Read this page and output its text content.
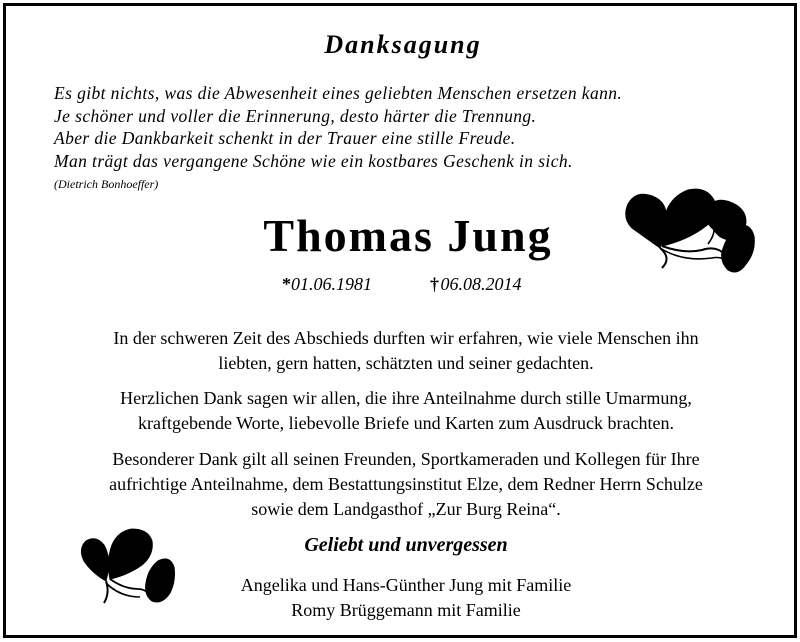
Danksagung
Es gibt nichts, was die Abwesenheit eines geliebten Menschen ersetzen kann.
Je schöner und voller die Erinnerung, desto härter die Trennung.
Aber die Dankbarkeit schenkt in der Trauer eine stille Freude.
Man trägt das vergangene Schöne wie ein kostbares Geschenk in sich.
(Dietrich Bonhoeffer)
Thomas Jung
*01.06.1981	† 06.08.2014
In der schweren Zeit des Abschieds durften wir erfahren, wie viele Menschen ihn
liebten, gern hatten, schätzten und seiner gedachten.
Herzlichen Dank sagen wir allen, die ihre Anteilnahme durch stille Umarmung,
kraftgebende Worte, liebevolle Briefe und Karten zum Ausdruck brachten.
Besonderer Dank gilt all seinen Freunden, Sportkameraden und Kollegen für Ihre
aufrichtige Anteilnahme, dem Bestattungsinstitut Elze, dem Redner Herrn Schulze
sowie dem Landgasthof „Zur Burg Reina“.
Geliebt und unvergessen
Angelika und Hans-Günther Jung mit Familie
Romy Brüggemann mit Familie
